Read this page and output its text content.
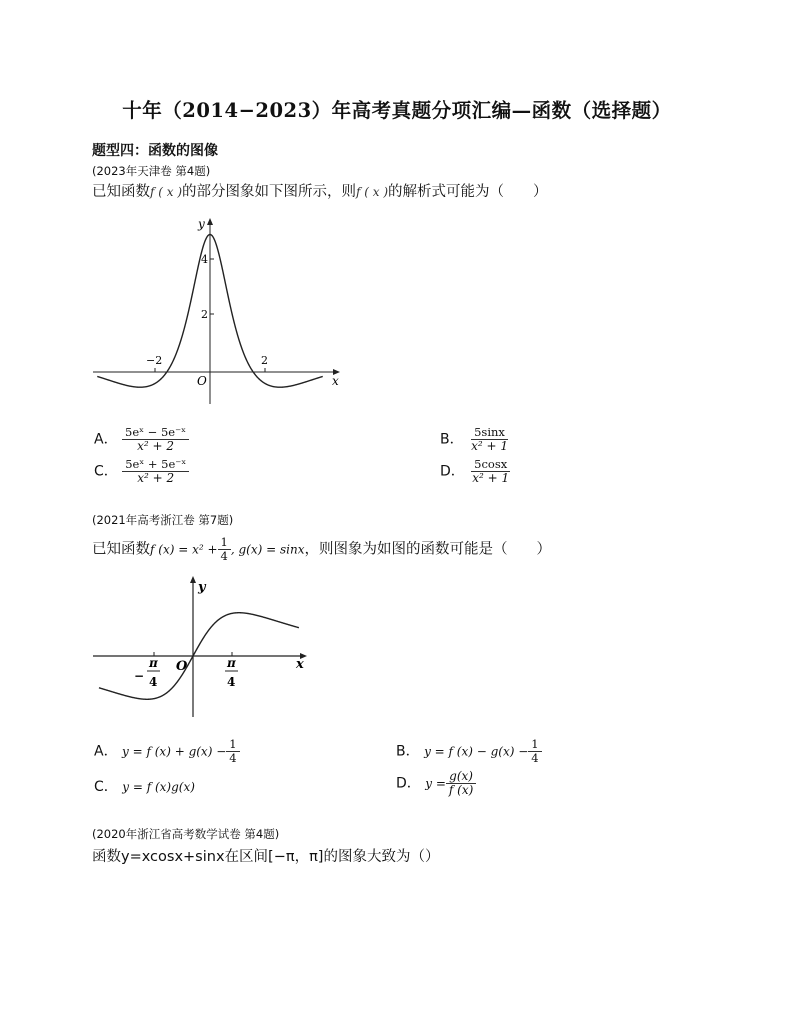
十年（2014−2023）年高考真题分项汇编—函数（选择题）
题型四：函数的图像
(2023年天津卷 第4题)
已知函数f ( x )的部分图象如下图所示，则f ( x )的解析式可能为（　　）
y
x
O
4
2
−2	2
A． $\frac{\text{5eˣ − 5e⁻ˣ}}{\text{x² + 2}}$	B． $\frac{5\sin x}{\text{x² + 1}}$
C． $\frac{\text{5eˣ + 5e⁻ˣ}}{\text{x² + 2}}$	D． $\frac{5\cos x}{\text{x² + 1}}$
(2021年高考浙江卷 第7题)
已知函数f $(x) = x^2 + \frac{1}{4}$ , g(x) = sinx，则图象为如图的函数可能是（　　）
y
x
O
−
π
4
π
4
A． y = f $(x) + g(x) - \frac{1}{4}$	B． y = f $(x) - g(x) - \frac{1}{4}$
C． y = f (x)g(x)	D． $y = \frac{g(x)}{f (x)}$
(2020年浙江省高考数学试卷 第4题)
函数y=xcosx+sinx在区间[−π，π]的图象大致为（）
